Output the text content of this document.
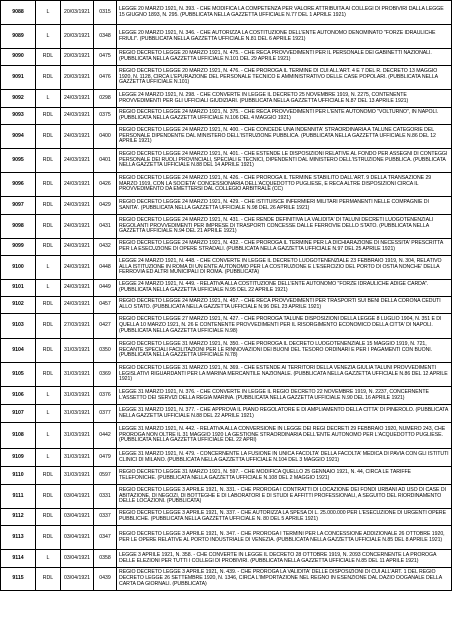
9088	L	20/03/1921	0315	LEGGE 20 MARZO 1921, N. 393. - CHE MODIFICA LA COMPETENZA PER VALORE ATTRIBUITA AI COLLEGI DI PROBIVIRI DALLA LEGGE 15 GIUGNO 1893, N. 295. (PUBBLICATA NELLA GAZZETTA UFFICIALE N.77 DEL 1 APRILE 1921)
9089	L	20/03/1921	0348	LEGGE 20 MARZO 1921, N. 346. - CHE AUTORIZZA LA COSTITUZIONE DELL'ENTE AUTONOMO DENOMINATO "FORZE IDRAULICHE FRIULI". (PUBBLICATA NELLA GAZZETTA UFFICIALE N.81 DEL 6 APRILE 1921)
9090	RDL	20/03/1921	0475	REGIO DECRETO LEGGE 20 MARZO 1921, N. 475. - CHE RECA PROVVEDIMENTI PER IL PERSONALE DEI GABINETTI NAZIONALI. (PUBBLICATA NELLA GAZZETTA UFFICIALE N.101 DEL 29 APRILE 1921)
9091	RDL	20/03/1921	0476	REGIO DECRETO LEGGE 20 MARZO 1921, N. 476. - CHE PROROGA IL TERMINE DI CUI ALL'ART. 4 E 7 DEL R. DECRETO 13 MAGGIO 1920, N. 1128, CIRCA L'EPURAZIONE DEL PERSONALE TECNICO E AMMINISTRATIVO DELLE CASE POPOLARI. (PUBBLICATA NELLA GAZZETTA UFFICIALE N.101)
9092	L	24/03/1921	0298	LEGGE 24 MARZO 1921, N. 298. - CHE CONVERTE IN LEGGE IL DECRETO 25 NOVEMBRE 1919, N. 2275, CONTENENTE PROVVEDIMENTI PER GLI UFFICIALI GIUDIZIARI. (PUBBLICATA NELLA GAZZETTA UFFICIALE N.87 DEL 13 APRILE 1921)
9093	RDL	24/03/1921	0375	REGIO DECRETO LEGGE 24 MARZO 1921, N. 375. - CHE RECA PROVVEDIMENTI PER L'ENTE AUTONOMO "VOLTURNO", IN NAPOLI. (PUBBLICATA NELLA GAZZETTA UFFICIALE N.106 DEL 4 MAGGIO 1921)
9094	RDL	24/03/1921	0400	REGIO DECRETO LEGGE 24 MARZO 1921, N. 400. - CHE CONCEDE UNA INDENNITA' STRAORDINARIA A TALUNE CATEGORIE DEL PERSONALE DIPENDENTE DAL MINISTERO DELL'ISTRUZIONE PUBBLICA. (PUBBLICATA NELLA GAZZETTA UFFICIALE N.86 DEL 12 APRILE 1921)
9095	RDL	24/03/1921	0401	REGIO DECRETO LEGGE 24 MARZO 1921, N. 401. - CHE ESTENDE LE DISPOSIZIONI RELATIVE AL FONDO PER ASSEGNI DI CONTEGGI PERSONALE DEI RUOLI PROVINCIALI, SPECIALI E TECNICI, DIPENDENTI DAL MINISTERO DELL'ISTRUZIONE PUBBLICA. (PUBBLICATA NELLA GAZZETTA UFFICIALE N.88 DEL 14 APRILE 1921)
9096	RDL	24/03/1921	0426	REGIO DECRETO LEGGE 24 MARZO 1921, N. 426. - CHE PROROGA IL TERMINE STABILITO DALL'ART. 9 DELLA TRANSAZIONE 29 MARZO 1919, CON LA SOCIETA' CONCESSIONARIA DELL'ACQUEDOTTO PUGLIESE, E RECA ALTRE DISPOSIZIONI CIRCA IL PROVVEDIMENTO DA EMETTERSI DAL COLLEGIO ARBITRALE (CC)
9097	RDL	24/03/1921	0429	REGIO DECRETO LEGGE 24 MARZO 1921, N. 429. - CHE ISTITUISCE INFERMIERI MILITARI PERMANENTI NELLE COMPAGNIE DI SANITA'. (PUBBLICATA NELLA GAZZETTA UFFICIALE N.98 DEL 26 APRILE 1921)
9098	RDL	24/03/1921	0431	REGIO DECRETO LEGGE 24 MARZO 1921, N. 431. - CHE RENDE DEFINITIVA LA VALIDITA' DI TALUNI DECRETI LUOGOTENENZIALI REGOLANTI PROVVEDIMENTI PER IMPRESE DI TRASPORTI CONCESSE DALLE FERROVIE DELLO STATO. (PUBBLICATA NELLA GAZZETTA UFFICIALE N.94 DEL 21 APRILE 1921)
9099	RDL	24/03/1921	0432	REGIO DECRETO LEGGE 24 MARZO 1921, N. 432. - CHE PROROGA IL TERMINE PER LA DICHIARAZIONE DI NECESSITA' PRESCRITTA PER LA ESECUZIONE DI OPERE STRADALI. (PUBBLICATA NELLA GAZZETTA UFFICIALE N.97 DEL 25 APRILE 1921)
9100	L	24/03/1921	0448	LEGGE 24 MARZO 1921, N. 448. - CHE CONVERTE IN LEGGE IL DECRETO LUOGOTENENZIALE 23 FEBBRAIO 1919, N. 304, RELATIVO ALLA ISTITUZIONE IN ROMA DI UN ENTE AUTONOMO PER LA COSTRUZIONE E L'ESERCIZIO DEL PORTO DI OSTIA NONCHE' DELLA FERROVIA ED ALTRI MUNICIPALI DI ROMA. (PUBBLICATA)
9101	L	24/03/1921	0449	LEGGE 24 MARZO 1921, N. 449. - RELATIVA ALLA COSTITUZIONE DELL'ENTE AUTONOMO "FORZE IDRAULICHE ADIGE CARDA". (PUBBLICATA NELLA GAZZETTA UFFICIALE N.95 DEL 22 APRILE 1921)
9102	RDL	24/03/1921	0457	REGIO DECRETO LEGGE 24 MARZO 1921, N. 457. - CHE RECA PROVVEDIMENTI PER TRASPORTI SUI BENI DELLA CORONA CEDUTI ALLO STATO. (PUBBLICATA NELLA GAZZETTA UFFICIALE N.96 DEL 23 APRILE 1921)
9103	RDL	27/03/1921	0427	REGIO DECRETO LEGGE 27 MARZO 1921, N. 427. - CHE PROROGA TALUNE DISPOSIZIONI DELLA LEGGE 8 LUGLIO 1904, N. 351 E DI QUELLA 10 MARZO 1921, N. 26 E CONTENENTE PROVVEDIMENTI PER IL RISORGIMENTO ECONOMICO DELLA CITTA' DI NAPOLI. (PUBBLICATA NELLA GAZZETTA UFFICIALE N.98)
9104	RDL	31/03/1921	0350	REGIO DECRETO LEGGE 31 MARZO 1921, N. 350. - CHE PROROGA IL DECRETO LUOGOTENENZIALE 15 MAGGIO 1919, N. 721, RECANTE SPECIALI FACILITAZIONI PER LE RINNOVAZIONI DEI BUONI DEL TESORO ORDINARI E PER I PAGAMENTI CON BUONI. (PUBBLICATA NELLA GAZZETTA UFFICIALE N.78)
9105	RDL	31/03/1921	0369	REGIO DECRETO LEGGE 31 MARZO 1921, N. 369. - CHE ESTENDE AI TERRITORI DELLA VENEZIA GIULIA TALUNI PROVVEDIMENTI LEGISLATIVI RIGUARDANTI PER LA MARINA MERCANTILE NAZIONALE. (PUBBLICATA NELLA GAZZETTA UFFICIALE N.86 DEL 12 APRILE 1921)
9106	L	31/03/1921	0376	LEGGE 31 MARZO 1921, N. 376. - CHE CONVERTE IN LEGGE IL REGIO DECRETO 22 NOVEMBRE 1919, N. 2237, CONCERNENTE L'ASSETTO DEI SERVIZI DELLA REGIA MARINA. (PUBBLICATA NELLA GAZZETTA UFFICIALE N.90 DEL 16 APRILE 1921)
9107	L	31/03/1921	0377	LEGGE 31 MARZO 1921, N. 377. - CHE APPROVA IL PIANO REGOLATORE E DI AMPLIAMENTO DELLA CITTA' DI PINEROLO. (PUBBLICATA NELLA GAZZETTA UFFICIALE N.88 DEL 22 APRILE 1921)
9108	L	31/03/1921	0442	LEGGE 31 MARZO 1921, N. 442. - RELATIVA ALLA CONVERSIONE IN LEGGE DEI REGI DECRETI 29 FEBBRAIO 1920, NUMERO 243, CHE PROROGA NON OLTRE IL 31 MAGGIO 1920 LA GESTIONE STRAORDINARIA DELL'ENTE AUTONOMO PER L'ACQUEDOTTO PUGLIESE. (PUBBLICATA NELLA GAZZETTA UFFICIALE DEL 22 APRI)
9109	L	31/03/1921	0479	LEGGE 31 MARZO 1921, N. 479. - CONCERNENTE LA FUSIONE IN UNICA FACOLTA' DELLA FACOLTA' MEDICA DI PAVIA CON GLI ISTITUTI CLINICI DI MILANO. (PUBBLICATA NELLA GAZZETTA UFFICIALE N.104 DEL 3 MAGGIO 1921)
9110	RDL	31/03/1921	0597	REGIO DECRETO LEGGE 31 MARZO 1921, N. 597. - CHE MODIFICA QUELLO 25 GENNAIO 1921, N. 44, CIRCA LE TARIFFE TELEFONICHE. (PUBBLICATA NELLA GAZZETTA UFFICIALE N.108 DEL 2 MAGGIO 1921)
9111	RDL	03/04/1921	0331	REGIO DECRETO LEGGE 3 APRILE 1921, N. 331. - CHE PROROGA I CONTRATTI DI LOCAZIONE DEI FONDI URBANI AD USO DI CASE DI ABITAZIONE, DI NEGOZI, DI BOTTEGHE E DI LABORATORI E DI STUDI E AFFITTI PROFESSIONALI, A SEGUITO DEL RIORDINAMENTO DELLE LOCAZIONI. (PUBBLICATA)
9112	RDL	03/04/1921	0337	REGIO DECRETO LEGGE 3 APRILE 1921, N. 337. - CHE AUTORIZZA LA SPESA DI L. 25.000.000 PER L'ESECUZIONE DI URGENTI OPERE PUBBLICHE. (PUBBLICATA NELLA GAZZETTA UFFICIALE N. 80 DEL 5 APRILE 1921)
9113	RDL	03/04/1921	0347	REGIO DECRETO LEGGE 3 APRILE 1921, N. 347. - CHE PROROGA I TERMINI PER LA CONCESSIONE ADDIZIONALE 26 OTTOBRE 1920, PER LE OPERE RELATIVE AL PORTO INDUSTRIALE DI VENEZIA. (PUBBLICATA NELLA GAZZETTA UFFICIALE N.85 DEL 8 APRILE 1921)
9114	L	03/04/1921	0358	LEGGE 3 APRILE 1921, N. 358. - CHE CONVERTE IN LEGGE IL DECRETO 28 OTTOBRE 1919, N. 2093 CONCERNENTE LA PROROGA DELLE ELEZIONI PER TUTTI I COLLEGI DI PROBIVIRI. (PUBBLICATA NELLA GAZZETTA UFFICIALE N.85 DEL 11 APRILE 1921)
9115	RDL	03/04/1921	0439	REGIO DECRETO LEGGE 3 APRILE 1921, N. 439. - CHE PROROGA LA VALIDITA' DELLE DISPOSIZIONI DI CUI ALL'ART. 1 DEL REGIO DECRETO LEGGE 26 SETTEMBRE 1920, N. 1346, CIRCA L'IMPORTAZIONE NEL REGNO IN ESENZIONE DAL DAZIO DOGANALE DELLA CARTA DA GIORNALI. (PUBBLICATA)
